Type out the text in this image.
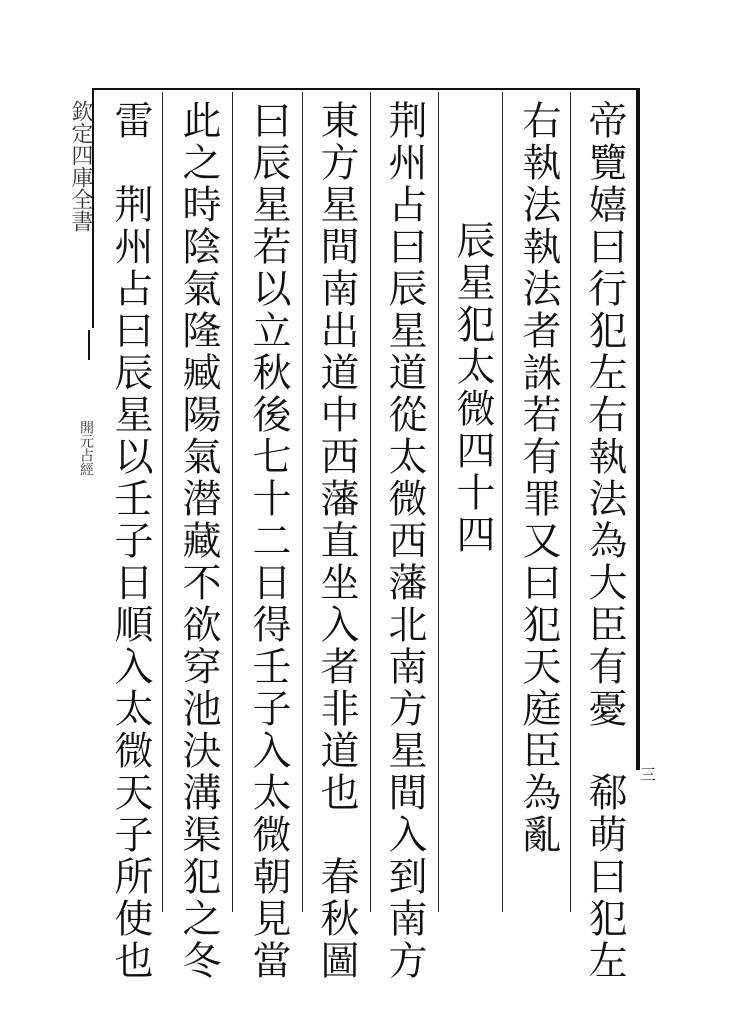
帝覽嬉曰行犯左右執法為大臣有憂　郗萌曰犯左
右執法執法者誅若有罪又曰犯天庭臣為亂
辰星犯太微四十四
荆州占曰辰星道從太微西藩北南方星間入到南方
東方星間南出道中西藩直坐入者非道也　春秋圖
曰辰星若以立秋後七十二日得壬子入太微朝見當
此之時陰氣隆臧陽氣潜藏不欲穿池決溝渠犯之冬
雷　荆州占曰辰星以壬子日順入太微天子所使也
欽定四庫全書
開元占經
三
